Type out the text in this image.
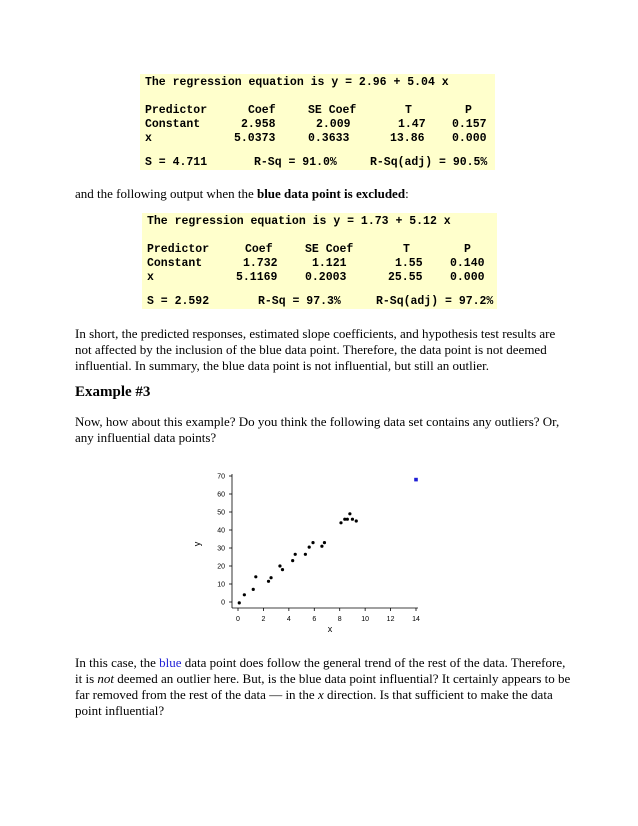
The regression equation is y = 2.96 + 5.04 x
Predictor	Coef	SE Coef	T	P
Constant	2.958	2.009	1.47 0.157
x	5.0373	0.3633	13.86 0.000
S = 4.711	R-Sq = 91.0%	R-Sq(adj) = 90.5%
and the following output when the blue data point is excluded:
The regression equation is y = 1.73 + 5.12 x
Predictor	Coef	SE Coef	T	P
Constant	1.732	1.121	1.55 0.140
x	5.1169 0.2003	25.55 0.000
S = 2.592	R-Sq = 97.3%	R-Sq(adj) = 97.2%
In short, the predicted responses, estimated slope coefficients, and hypothesis test results are not affected by the inclusion of the blue data point. Therefore, the data point is not deemed influential. In summary, the blue data point is not influential, but still an outlier.
Example #3
Now, how about this example? Do you think the following data set contains any outliers? Or, any influential data points?
0	2	4	6	8	10	12	14
0
10
20
30
40
50
60
70
x
y
In this case, the blue data point does follow the general trend of the rest of the data. Therefore, it is not deemed an outlier here. But, is the blue data point influential? It certainly appears to be far removed from the rest of the data — in the x direction. Is that sufficient to make the data point influential?
